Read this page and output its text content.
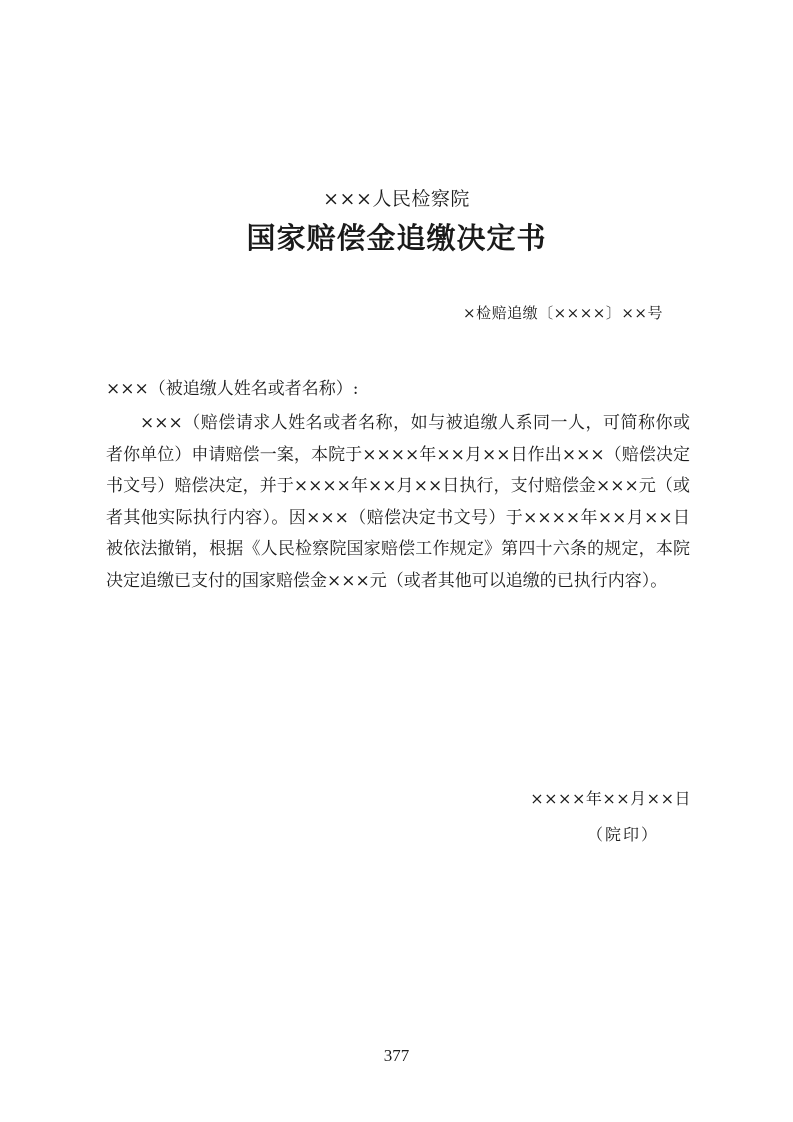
×××人民检察院
国家赔偿金追缴决定书
×检赔追缴〔××××〕××号
×××（被追缴人姓名或者名称）:

×××（赔偿请求人姓名或者名称，如与被追缴人系同一人，可简称你或者你单位）申请赔偿一案，本院于××××年××月××日作出×××（赔偿决定书文号）赔偿决定，并于××××年××月××日执行，支付赔偿金×××元（或者其他实际执行内容）。因×××（赔偿决定书文号）于××××年××月××日被依法撤销，根据《人民检察院国家赔偿工作规定》第四十六条的规定，本院决定追缴已支付的国家赔偿金×××元（或者其他可以追缴的已执行内容）。

××××年××月××日
（院印）
377
